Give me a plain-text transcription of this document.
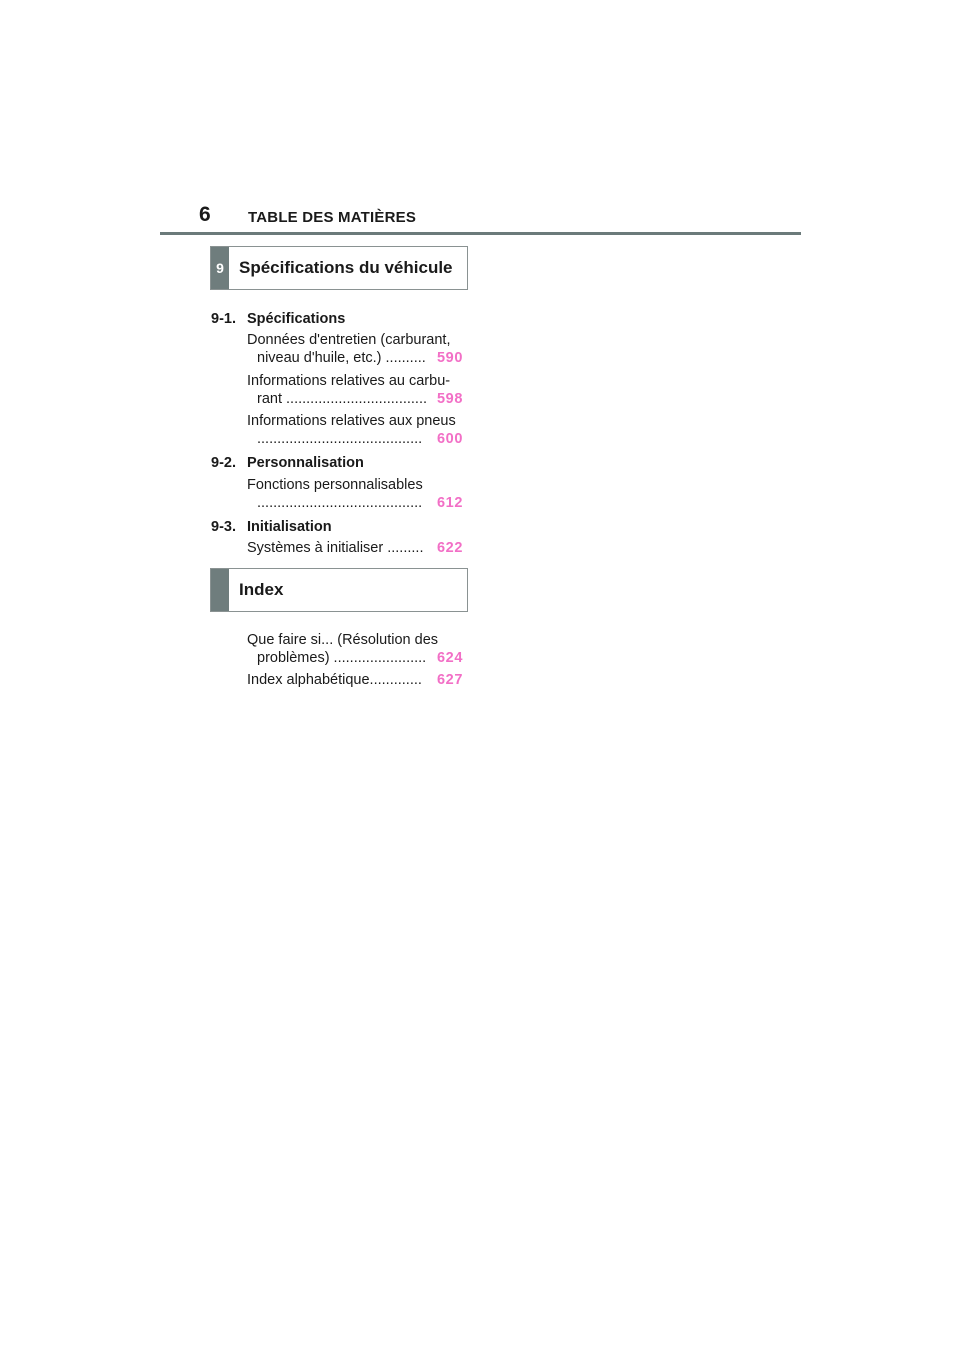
6 TABLE DES MATIÈRES
9 Spécifications du véhicule
9-1. Spécifications
Données d'entretien (carburant,
niveau d'huile, etc.) .......... 590
Informations relatives au carbu-
rant ................................... 598
Informations relatives aux pneus
......................................... 600
9-2. Personnalisation
Fonctions personnalisables
......................................... 612
9-3. Initialisation
Systèmes à initialiser ......... 622
Index
Que faire si... (Résolution des
problèmes) ....................... 624
Index alphabétique............. 627
